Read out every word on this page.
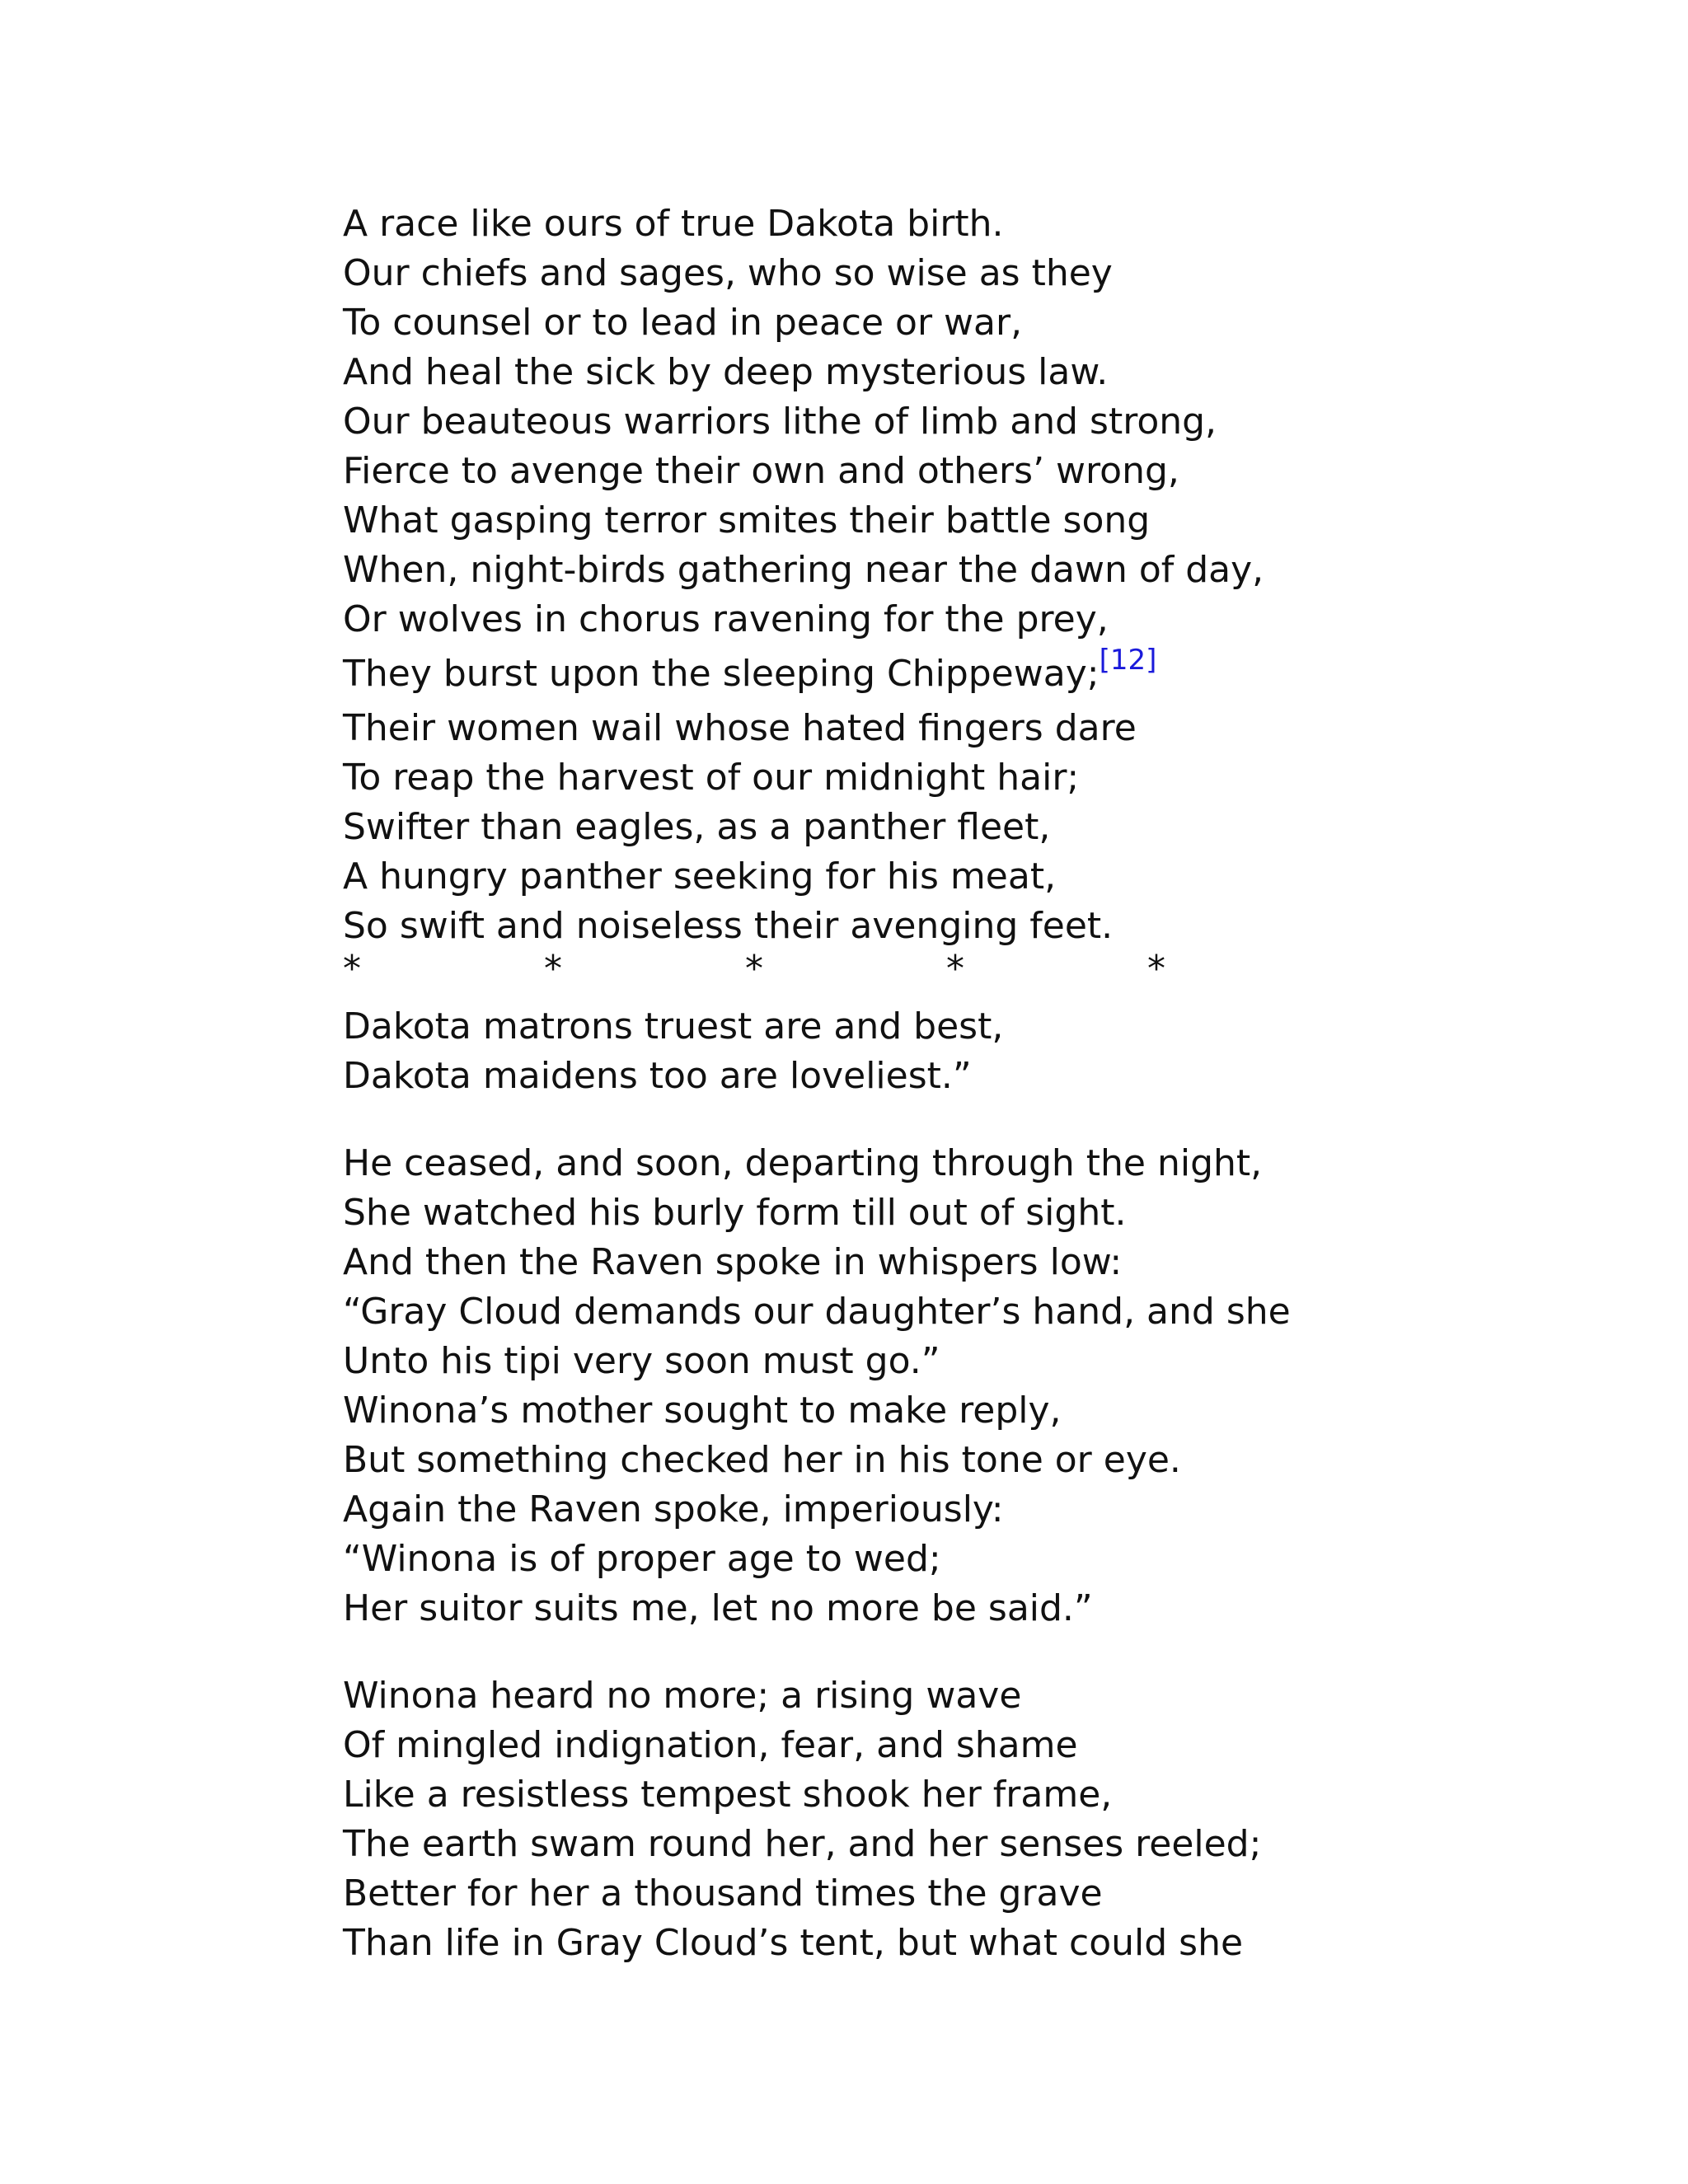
A race like ours of true Dakota birth.
Our chiefs and sages, who so wise as they
To counsel or to lead in peace or war,
And heal the sick by deep mysterious law.
Our beauteous warriors lithe of limb and strong,
Fierce to avenge their own and others’ wrong,
What gasping terror smites their battle song
When, night-birds gathering near the dawn of day,
Or wolves in chorus ravening for the prey,
They burst upon the sleeping Chippeway;[12]
Their women wail whose hated fingers dare
To reap the harvest of our midnight hair;
Swifter than eagles, as a panther fleet,
A hungry panther seeking for his meat,
So swift and noiseless their avenging feet.
*	*	*	*	*
Dakota matrons truest are and best,
Dakota maidens too are loveliest.”
He ceased, and soon, departing through the night,
She watched his burly form till out of sight.
And then the Raven spoke in whispers low:
“Gray Cloud demands our daughter’s hand, and she
Unto his tipi very soon must go.”
Winona’s mother sought to make reply,
But something checked her in his tone or eye.
Again the Raven spoke, imperiously:
“Winona is of proper age to wed;
Her suitor suits me, let no more be said.”
Winona heard no more; a rising wave
Of mingled indignation, fear, and shame
Like a resistless tempest shook her frame,
The earth swam round her, and her senses reeled;
Better for her a thousand times the grave
Than life in Gray Cloud’s tent, but what could she
